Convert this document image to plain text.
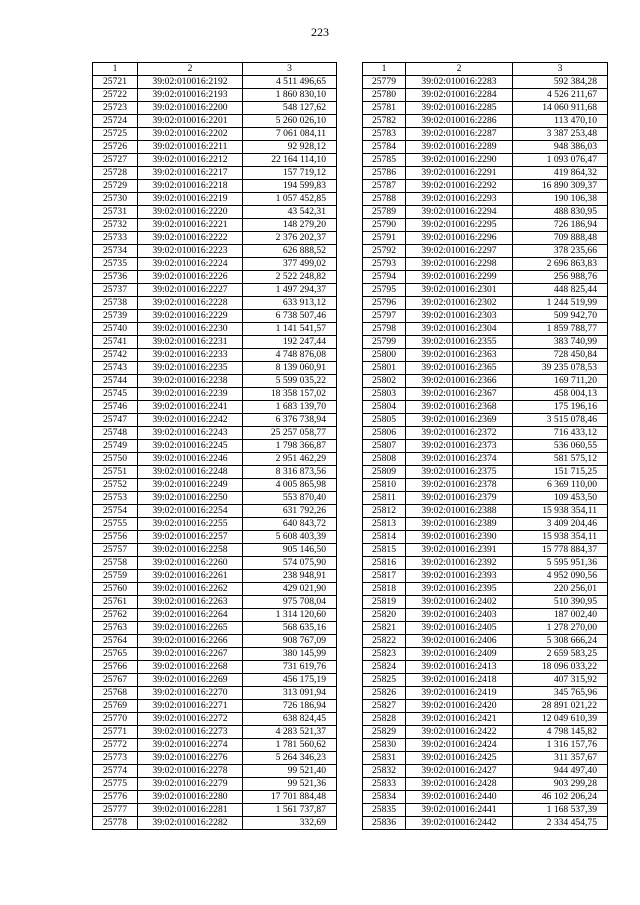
223
1	2	3
25721	39:02:010016:2192	4 511 496,65
25722	39:02:010016:2193	1 860 830,10
25723	39:02:010016:2200	548 127,62
25724	39:02:010016:2201	5 260 026,10
25725	39:02:010016:2202	7 061 084,11
25726	39:02:010016:2211	92 928,12
25727	39:02:010016:2212	22 164 114,10
25728	39:02:010016:2217	157 719,12
25729	39:02:010016:2218	194 599,83
25730	39:02:010016:2219	1 057 452,85
25731	39:02:010016:2220	43 542,31
25732	39:02:010016:2221	148 279,20
25733	39:02:010016:2222	2 376 202,37
25734	39:02:010016:2223	626 888,52
25735	39:02:010016:2224	377 499,02
25736	39:02:010016:2226	2 522 248,82
25737	39:02:010016:2227	1 497 294,37
25738	39:02:010016:2228	633 913,12
25739	39:02:010016:2229	6 738 507,46
25740	39:02:010016:2230	1 141 541,57
25741	39:02:010016:2231	192 247,44
25742	39:02:010016:2233	4 748 876,08
25743	39:02:010016:2235	8 139 060,91
25744	39:02:010016:2238	5 599 035,22
25745	39:02:010016:2239	18 358 157,02
25746	39:02:010016:2241	1 683 139,70
25747	39:02:010016:2242	6 376 738,94
25748	39:02:010016:2243	25 257 058,77
25749	39:02:010016:2245	1 798 366,87
25750	39:02:010016:2246	2 951 462,29
25751	39:02:010016:2248	8 316 873,56
25752	39:02:010016:2249	4 005 865,98
25753	39:02:010016:2250	553 870,40
25754	39:02:010016:2254	631 792,26
25755	39:02:010016:2255	640 843,72
25756	39:02:010016:2257	5 608 403,39
25757	39:02:010016:2258	905 146,50
25758	39:02:010016:2260	574 075,90
25759	39:02:010016:2261	238 948,91
25760	39:02:010016:2262	429 021,90
25761	39:02:010016:2263	975 708,04
25762	39:02:010016:2264	1 314 120,60
25763	39:02:010016:2265	568 635,16
25764	39:02:010016:2266	908 767,09
25765	39:02:010016:2267	380 145,99
25766	39:02:010016:2268	731 619,76
25767	39:02:010016:2269	456 175,19
25768	39:02:010016:2270	313 091,94
25769	39:02:010016:2271	726 186,94
25770	39:02:010016:2272	638 824,45
25771	39:02:010016:2273	4 283 521,37
25772	39:02:010016:2274	1 781 560,62
25773	39:02:010016:2276	5 264 346,23
25774	39:02:010016:2278	99 521,40
25775	39:02:010016:2279	99 521,36
25776	39:02:010016:2280	17 701 884,48
25777	39:02:010016:2281	1 561 737,87
25778	39:02:010016:2282	332,69
1	2	3
25779	39:02:010016:2283	592 384,28
25780	39:02:010016:2284	4 526 211,67
25781	39:02:010016:2285	14 060 911,68
25782	39:02:010016:2286	113 470,10
25783	39:02:010016:2287	3 387 253,48
25784	39:02:010016:2289	948 386,03
25785	39:02:010016:2290	1 093 076,47
25786	39:02:010016:2291	419 864,32
25787	39:02:010016:2292	16 890 309,37
25788	39:02:010016:2293	190 106,38
25789	39:02:010016:2294	488 830,95
25790	39:02:010016:2295	726 186,94
25791	39:02:010016:2296	709 888,48
25792	39:02:010016:2297	378 235,66
25793	39:02:010016:2298	2 696 863,83
25794	39:02:010016:2299	256 988,76
25795	39:02:010016:2301	448 825,44
25796	39:02:010016:2302	1 244 519,99
25797	39:02:010016:2303	509 942,70
25798	39:02:010016:2304	1 859 788,77
25799	39:02:010016:2355	383 740,99
25800	39:02:010016:2363	728 450,84
25801	39:02:010016:2365	39 235 078,53
25802	39:02:010016:2366	169 711,20
25803	39:02:010016:2367	458 004,13
25804	39:02:010016:2368	175 196,16
25805	39:02:010016:2369	3 515 078,46
25806	39:02:010016:2372	716 433,12
25807	39:02:010016:2373	536 060,55
25808	39:02:010016:2374	581 575,12
25809	39:02:010016:2375	151 715,25
25810	39:02:010016:2378	6 369 110,00
25811	39:02:010016:2379	109 453,50
25812	39:02:010016:2388	15 938 354,11
25813	39:02:010016:2389	3 409 204,46
25814	39:02:010016:2390	15 938 354,11
25815	39:02:010016:2391	15 778 884,37
25816	39:02:010016:2392	5 595 951,36
25817	39:02:010016:2393	4 952 090,56
25818	39:02:010016:2395	220 256,01
25819	39:02:010016:2402	510 390,95
25820	39:02:010016:2403	187 002,40
25821	39:02:010016:2405	1 278 270,00
25822	39:02:010016:2406	5 308 666,24
25823	39:02:010016:2409	2 659 583,25
25824	39:02:010016:2413	18 096 033,22
25825	39:02:010016:2418	407 315,92
25826	39:02:010016:2419	345 765,96
25827	39:02:010016:2420	28 891 021,22
25828	39:02:010016:2421	12 049 610,39
25829	39:02:010016:2422	4 798 145,82
25830	39:02:010016:2424	1 316 157,76
25831	39:02:010016:2425	311 357,67
25832	39:02:010016:2427	944 497,40
25833	39:02:010016:2428	903 299,28
25834	39:02:010016:2440	46 102 206,24
25835	39:02:010016:2441	1 168 537,39
25836	39:02:010016:2442	2 334 454,75
